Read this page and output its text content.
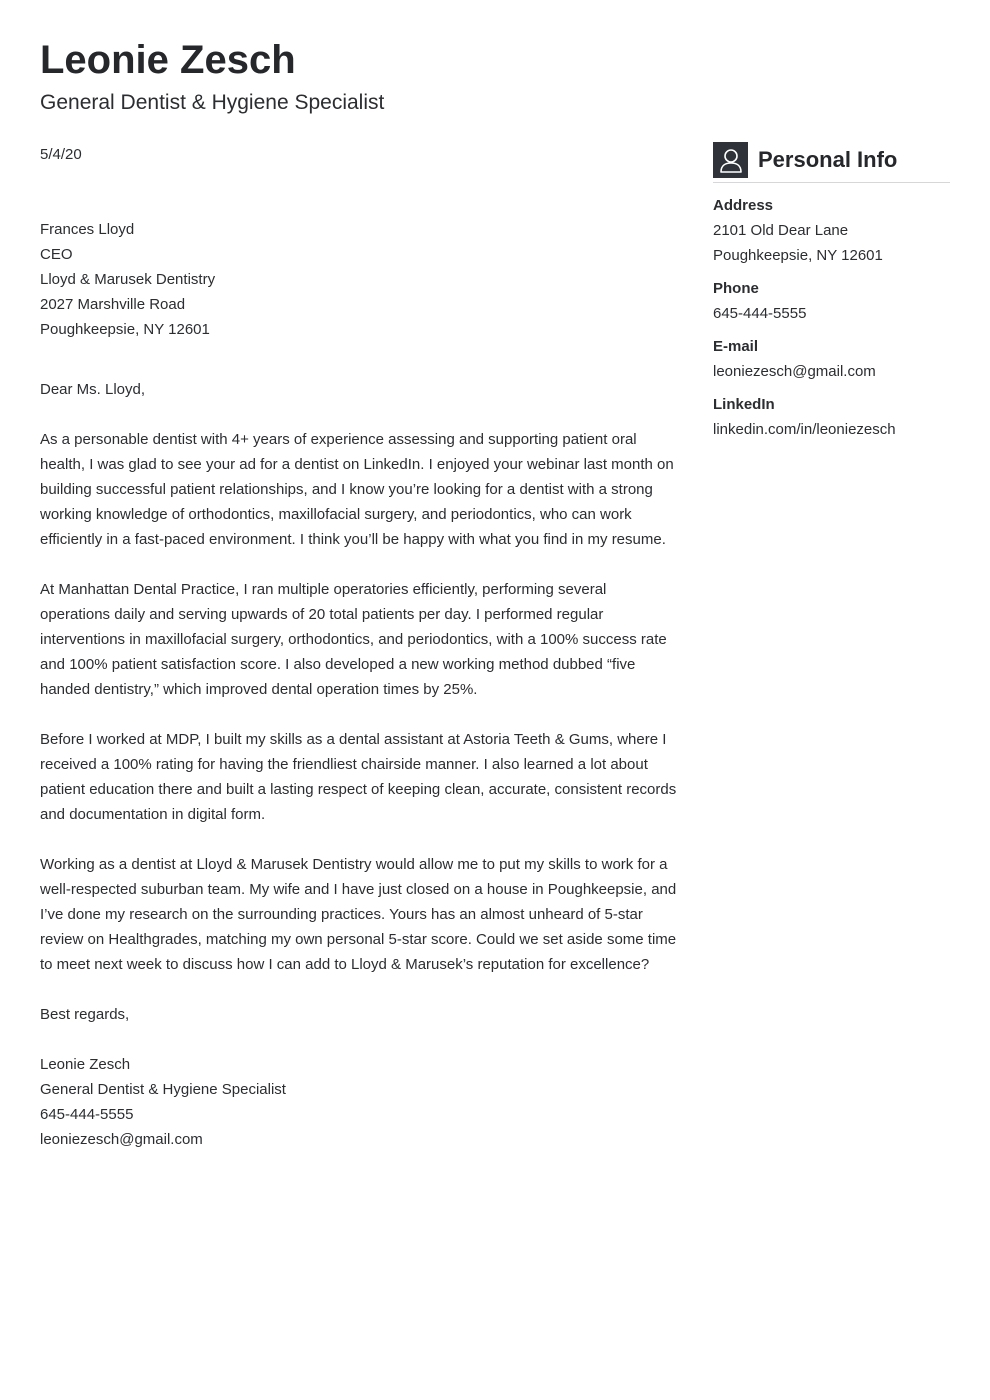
Leonie Zesch
General Dentist & Hygiene Specialist
5/4/20
Frances Lloyd
CEO
Lloyd & Marusek Dentistry
2027 Marshville Road
Poughkeepsie, NY 12601

Dear Ms. Lloyd,

As a personable dentist with 4+ years of experience assessing and supporting patient oral health, I was glad to see your ad for a dentist on LinkedIn. I enjoyed your webinar last month on building successful patient relationships, and I know you’re looking for a dentist with a strong working knowledge of orthodontics, maxillofacial surgery, and periodontics, who can work efficiently in a fast-paced environment. I think you’ll be happy with what you find in my resume.

At Manhattan Dental Practice, I ran multiple operatories efficiently, performing several operations daily and serving upwards of 20 total patients per day. I performed regular interventions in maxillofacial surgery, orthodontics, and periodontics, with a 100% success rate and 100% patient satisfaction score. I also developed a new working method dubbed “five handed dentistry,” which improved dental operation times by 25%.

Before I worked at MDP, I built my skills as a dental assistant at Astoria Teeth & Gums, where I received a 100% rating for having the friendliest chairside manner. I also learned a lot about patient education there and built a lasting respect of keeping clean, accurate, consistent records and documentation in digital form.

Working as a dentist at Lloyd & Marusek Dentistry would allow me to put my skills to work for a well-respected suburban team. My wife and I have just closed on a house in Poughkeepsie, and I’ve done my research on the surrounding practices. Yours has an almost unheard of 5-star review on Healthgrades, matching my own personal 5-star score. Could we set aside some time to meet next week to discuss how I can add to Lloyd & Marusek’s reputation for excellence?

Best regards,

Leonie Zesch
General Dentist & Hygiene Specialist
645-444-5555
leoniezesch@gmail.com
Personal Info
Address
2101 Old Dear Lane
Poughkeepsie, NY 12601
Phone
645-444-5555
E-mail
leoniezesch@gmail.com
LinkedIn
linkedin.com/in/leoniezesch
